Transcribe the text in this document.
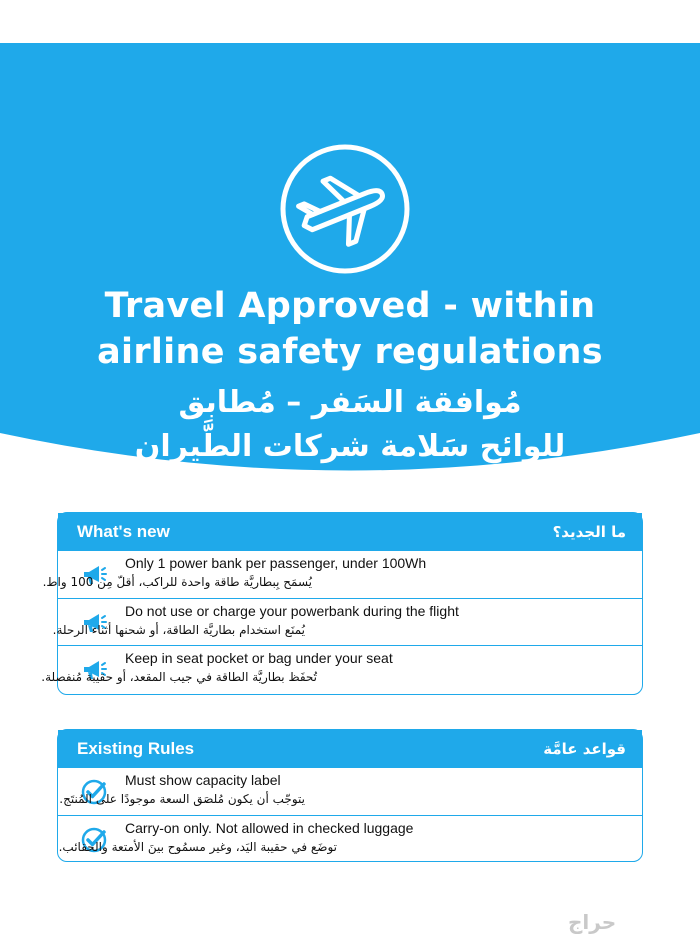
Travel Approved - within
airline safety regulations
مُوافقة السَفر – مُطابق
لِلوائح سَلامة شركات الطَّيران
What's new	ما الجديد؟
Only 1 power bank per passenger, under 100Wh
يُسمَح بِبطاريَّة طاقة واحدة للراكب، أقلّ مِن 100 واط.
Do not use or charge your powerbank during the flight
يُمنَع استخدام بطاريَّة الطاقة، أو شحنها أثناء الرحلة.
Keep in seat pocket or bag under your seat
تُحفَظ بطاريَّة الطاقة في جيب المقعد، أو حقيبة مُنفصلة.
Existing Rules	قواعد عامَّة
Must show capacity label
يتوجّب أن يكون مُلصَق السعة موجودًا على المُنتَج.
Carry-on only. Not allowed in checked luggage
توضَع في حقيبة اليَد، وغير مسمُوح بينَ الأمتعة والحقائب.
حراج
